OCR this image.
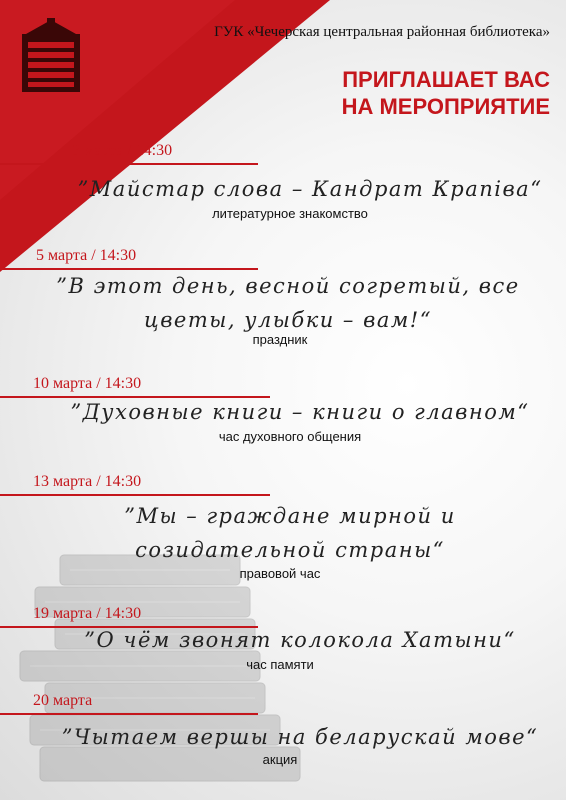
ГУК «Чечерская центральная районная библиотека»
ПРИГЛАШАЕТ ВАС
НА МЕРОПРИЯТИЕ
3 марта / 14:30
”Майстар слова – Кандрат Крапіва“
литературное знакомство
5 марта / 14:30
”В этот день, весной согретый, все цветы, улыбки – вам!“
праздник
10 марта / 14:30
”Духовные книги – книги о главном“
час духовного общения
13 марта / 14:30
”Мы – граждане мирной и созидательной страны“
правовой час
19 марта / 14:30
”О чём звонят колокола Хатыни“
час памяти
20 марта
”Чытаем вершы на беларускай мове“
акция
